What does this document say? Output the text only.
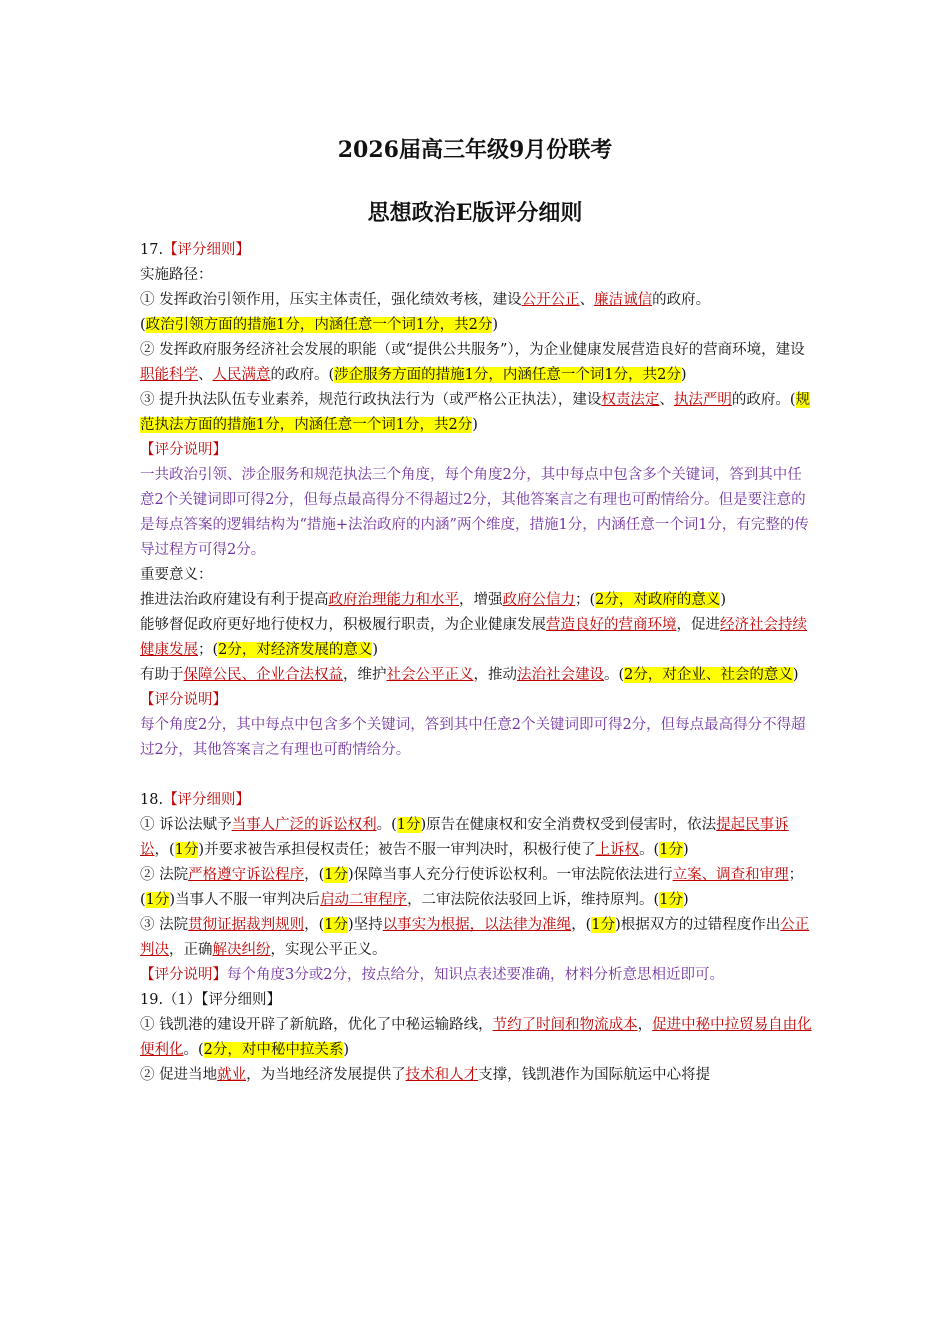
2026届高三年级9月份联考
思想政治E版评分细则

17.【评分细则】

实施路径：

① 发挥政治引领作用，压实主体责任，强化绩效考核，建设公开公正、廉洁诚信的政府。
(政治引领方面的措施1分，内涵任意一个词1分，共2分)

② 发挥政府服务经济社会发展的职能（或“提供公共服务”），为企业健康发展营造良好的营商环境，建设职能科学、人民满意的政府。(涉企服务方面的措施1分，内涵任意一个词1分，共2分)

③ 提升执法队伍专业素养，规范行政执法行为（或严格公正执法），建设权责法定、执法严明的政府。(规范执法方面的措施1分，内涵任意一个词1分，共2分)

【评分说明】

一共政治引领、涉企服务和规范执法三个角度，每个角度2分，其中每点中包含多个关键词，答到其中任意2个关键词即可得2分，但每点最高得分不得超过2分，其他答案言之有理也可酌情给分。但是要注意的是每点答案的逻辑结构为“措施+法治政府的内涵”两个维度，措施1分，内涵任意一个词1分，有完整的传导过程方可得2分。

重要意义：

推进法治政府建设有利于提高政府治理能力和水平，增强政府公信力；(2分，对政府的意义)

能够督促政府更好地行使权力，积极履行职责，为企业健康发展营造良好的营商环境，促进经济社会持续健康发展；(2分，对经济发展的意义)

有助于保障公民、企业合法权益，维护社会公平正义，推动法治社会建设。(2分，对企业、社会的意义)

【评分说明】

每个角度2分，其中每点中包含多个关键词，答到其中任意2个关键词即可得2分，但每点最高得分不得超过2分，其他答案言之有理也可酌情给分。

18.【评分细则】

① 诉讼法赋予当事人广泛的诉讼权利。(1分)原告在健康权和安全消费权受到侵害时，依法提起民事诉讼，(1分)并要求被告承担侵权责任；被告不服一审判决时，积极行使了上诉权。(1分)

② 法院严格遵守诉讼程序，(1分)保障当事人充分行使诉讼权利。一审法院依法进行立案、调查和审理；(1分)当事人不服一审判决后启动二审程序，二审法院依法驳回上诉，维持原判。(1分)

③ 法院贯彻证据裁判规则，(1分)坚持以事实为根据，以法律为准绳，(1分)根据双方的过错程度作出公正判决，正确解决纠纷，实现公平正义。

【评分说明】每个角度3分或2分，按点给分，知识点表述要准确，材料分析意思相近即可。

19.（1）【评分细则】

① 钱凯港的建设开辟了新航路，优化了中秘运输路线，节约了时间和物流成本，促进中秘中拉贸易自由化便利化。(2分，对中秘中拉关系)

② 促进当地就业，为当地经济发展提供了技术和人才支撑，钱凯港作为国际航运中心将提
